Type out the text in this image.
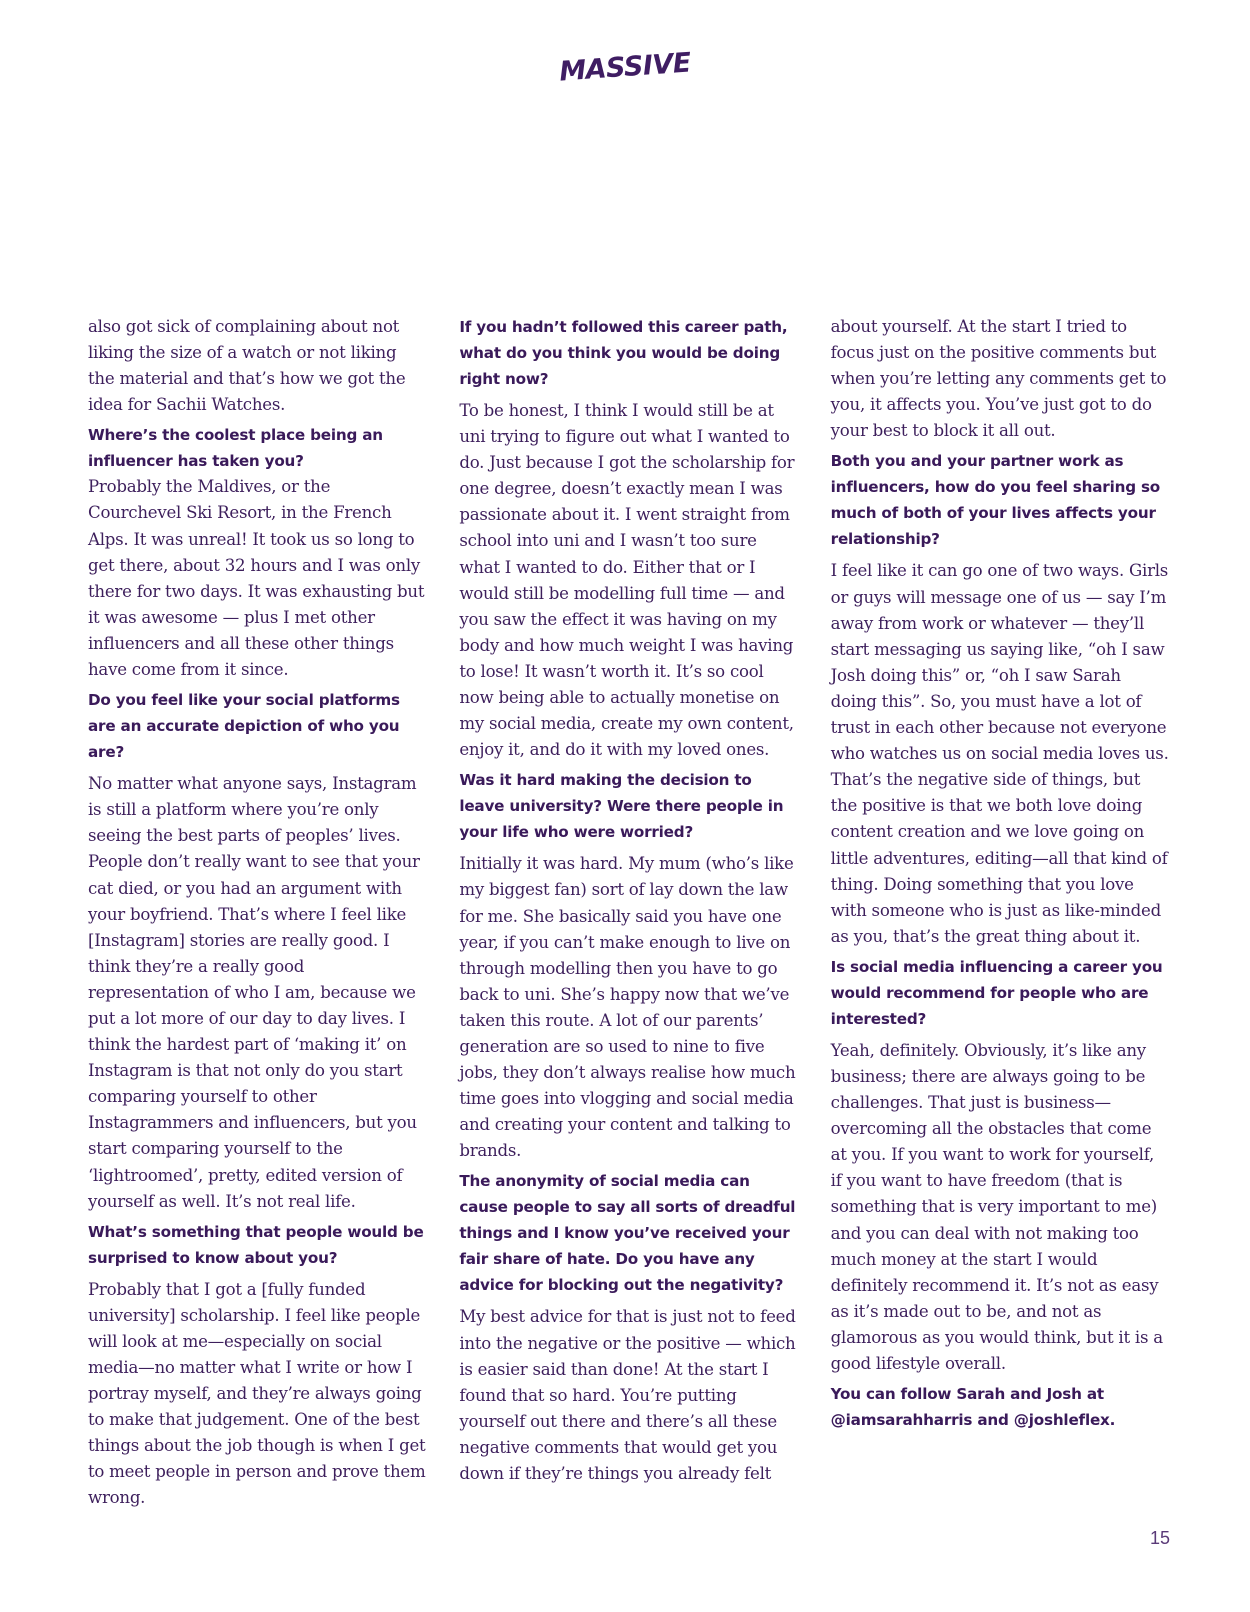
MASSIVE
also got sick of complaining about not liking the size of a watch or not liking the material and that’s how we got the idea for Sachii Watches.
Where’s the coolest place being an influencer has taken you?
Probably the Maldives, or the Courchevel Ski Resort, in the French Alps. It was unreal! It took us so long to get there, about 32 hours and I was only there for two days. It was exhausting but it was awesome — plus I met other influencers and all these other things have come from it since.
Do you feel like your social platforms are an accurate depiction of who you are?
No matter what anyone says, Instagram is still a platform where you’re only seeing the best parts of peoples’ lives. People don’t really want to see that your cat died, or you had an argument with your boyfriend. That’s where I feel like [Instagram] stories are really good. I think they’re a really good representation of who I am, because we put a lot more of our day to day lives. I think the hardest part of ‘making it’ on Instagram is that not only do you start comparing yourself to other Instagrammers and influencers, but you start comparing yourself to the ‘lightroomed’, pretty, edited version of yourself as well. It’s not real life.
What’s something that people would be surprised to know about you?
Probably that I got a [fully funded university] scholarship. I feel like people will look at me—especially on social media—no matter what I write or how I portray myself, and they’re always going to make that judgement. One of the best things about the job though is when I get to meet people in person and prove them wrong.
If you hadn’t followed this career path, what do you think you would be doing right now?
To be honest, I think I would still be at uni trying to figure out what I wanted to do. Just because I got the scholarship for one degree, doesn’t exactly mean I was passionate about it. I went straight from school into uni and I wasn’t too sure what I wanted to do. Either that or I would still be modelling full time — and you saw the effect it was having on my body and how much weight I was having to lose! It wasn’t worth it. It’s so cool now being able to actually monetise on my social media, create my own content, enjoy it, and do it with my loved ones.
Was it hard making the decision to leave university? Were there people in your life who were worried?
Initially it was hard. My mum (who’s like my biggest fan) sort of lay down the law for me. She basically said you have one year, if you can’t make enough to live on through modelling then you have to go back to uni. She’s happy now that we’ve taken this route. A lot of our parents’ generation are so used to nine to five jobs, they don’t always realise how much time goes into vlogging and social media and creating your content and talking to brands.
The anonymity of social media can cause people to say all sorts of dreadful things and I know you’ve received your fair share of hate. Do you have any advice for blocking out the negativity?
My best advice for that is just not to feed into the negative or the positive — which is easier said than done! At the start I found that so hard. You’re putting yourself out there and there’s all these negative comments that would get you down if they’re things you already felt
about yourself. At the start I tried to focus just on the positive comments but when you’re letting any comments get to you, it affects you. You’ve just got to do your best to block it all out.
Both you and your partner work as influencers, how do you feel sharing so much of both of your lives affects your relationship?
I feel like it can go one of two ways. Girls or guys will message one of us — say I’m away from work or whatever — they’ll start messaging us saying like, “oh I saw Josh doing this” or, “oh I saw Sarah doing this”. So, you must have a lot of trust in each other because not everyone who watches us on social media loves us. That’s the negative side of things, but the positive is that we both love doing content creation and we love going on little adventures, editing—all that kind of thing. Doing something that you love with someone who is just as like-minded as you, that’s the great thing about it.
Is social media influencing a career you would recommend for people who are interested?
Yeah, definitely. Obviously, it’s like any business; there are always going to be challenges. That just is business—overcoming all the obstacles that come at you. If you want to work for yourself, if you want to have freedom (that is something that is very important to me) and you can deal with not making too much money at the start I would definitely recommend it. It’s not as easy as it’s made out to be, and not as glamorous as you would think, but it is a good lifestyle overall.
You can follow Sarah and Josh at @iamsarahharris and @joshleflex.
15
